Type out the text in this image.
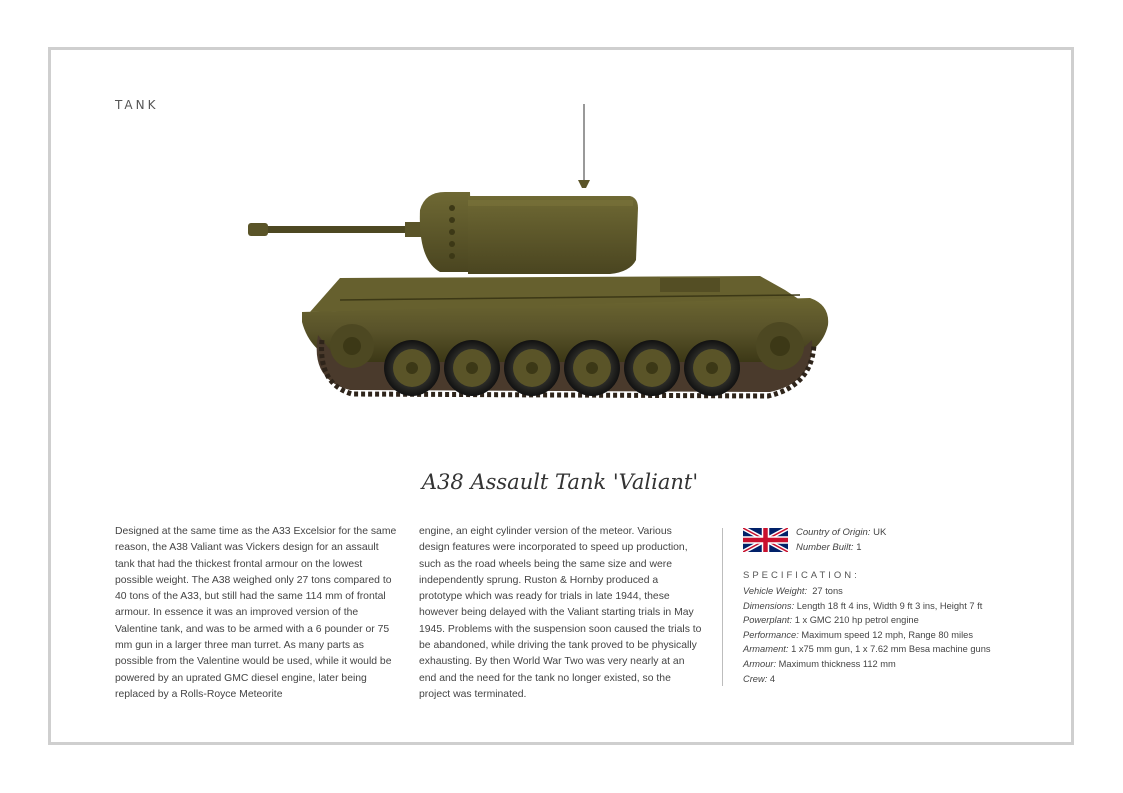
TANK
A38 Assault Tank 'Valiant'
Designed at the same time as the A33 Excelsior for the same reason, the A38 Valiant was Vickers design for an assault tank that had the thickest frontal armour on the lowest possible weight. The A38 weighed only 27 tons compared to 40 tons of the A33, but still had the same 114 mm of frontal armour. In essence it was an improved version of the Valentine tank, and was to be armed with a 6 pounder or 75 mm gun in a larger three man turret. As many parts as possible from the Valentine would be used, while it would be powered by an uprated GMC diesel engine, later being replaced by a Rolls-Royce Meteorite
engine, an eight cylinder version of the meteor. Various design features were incorporated to speed up production, such as the road wheels being the same size and were independently sprung. Ruston & Hornby produced a prototype which was ready for trials in late 1944, these however being delayed with the Valiant starting trials in May 1945. Problems with the suspension soon caused the trials to be abandoned, while driving the tank proved to be physically exhausting. By then World War Two was very nearly at an end and the need for the tank no longer existed, so the project was terminated.
Country of Origin: UK
Number Built: 1
SPECIFICATION:
Vehicle Weight: 27 tons
Dimensions: Length 18 ft 4 ins, Width 9 ft 3 ins, Height 7 ft
Powerplant: 1 x GMC 210 hp petrol engine
Performance: Maximum speed 12 mph, Range 80 miles
Armament: 1 x75 mm gun, 1 x 7.62 mm Besa machine guns
Armour: Maximum thickness 112 mm
Crew: 4
